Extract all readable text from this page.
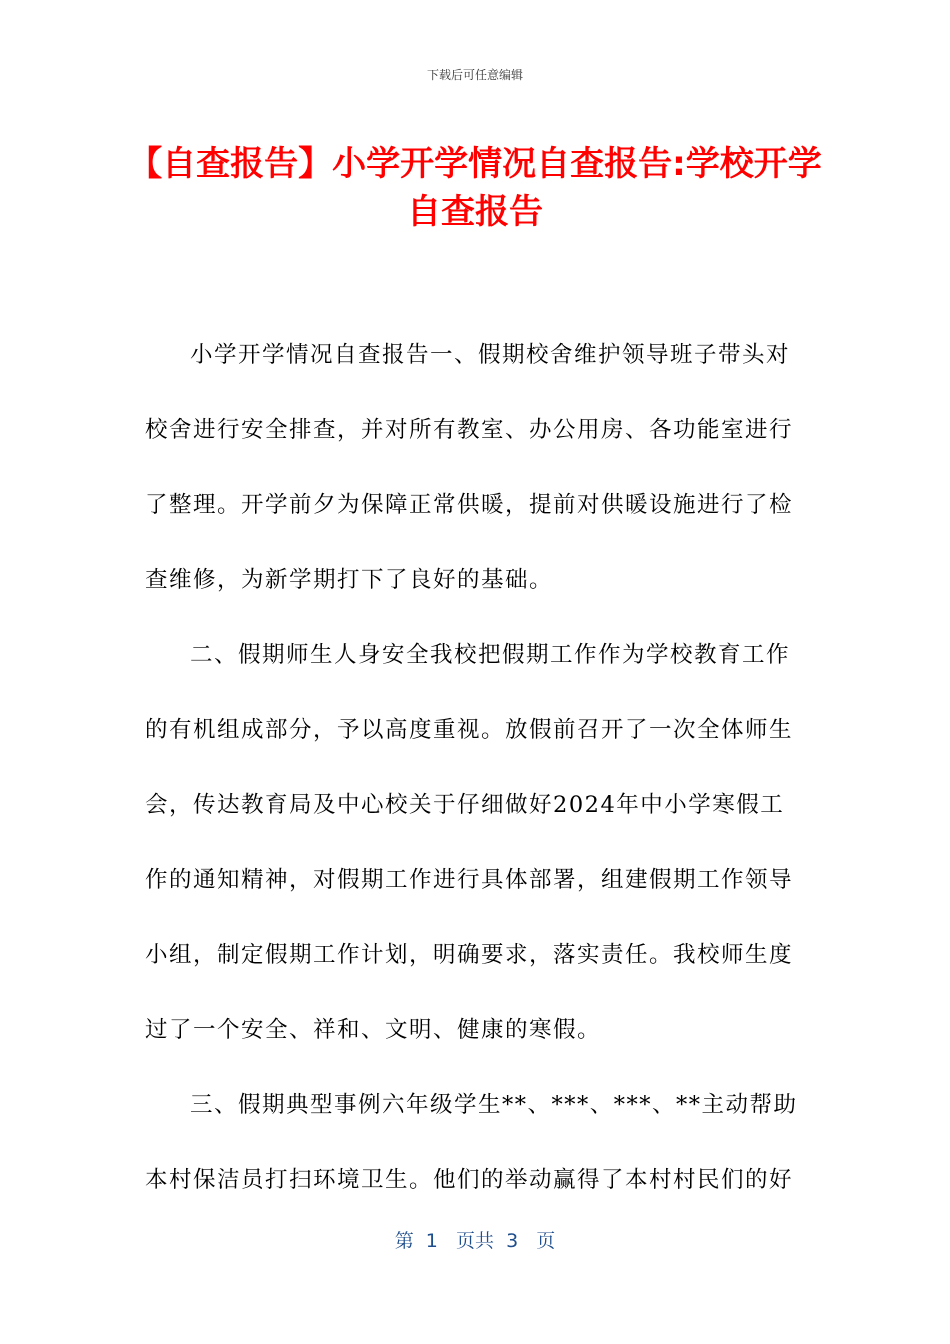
下载后可任意编辑
【自查报告】小学开学情况自查报告:学校开学自查报告

小学开学情况自查报告一、假期校舍维护领导班子带头对校舍进行安全排查，并对所有教室、办公用房、各功能室进行了整理。开学前夕为保障正常供暖，提前对供暖设施进行了检查维修，为新学期打下了良好的基础。

二、假期师生人身安全我校把假期工作作为学校教育工作的有机组成部分，予以高度重视。放假前召开了一次全体师生会，传达教育局及中心校关于仔细做好2024年中小学寒假工作的通知精神，对假期工作进行具体部署，组建假期工作领导小组，制定假期工作计划，明确要求，落实责任。我校师生度过了一个安全、祥和、文明、健康的寒假。

三、假期典型事例六年级学生**、***、***、**主动帮助本村保洁员打扫环境卫生。他们的举动赢得了本村村民们的好

第  1   页共  3   页
